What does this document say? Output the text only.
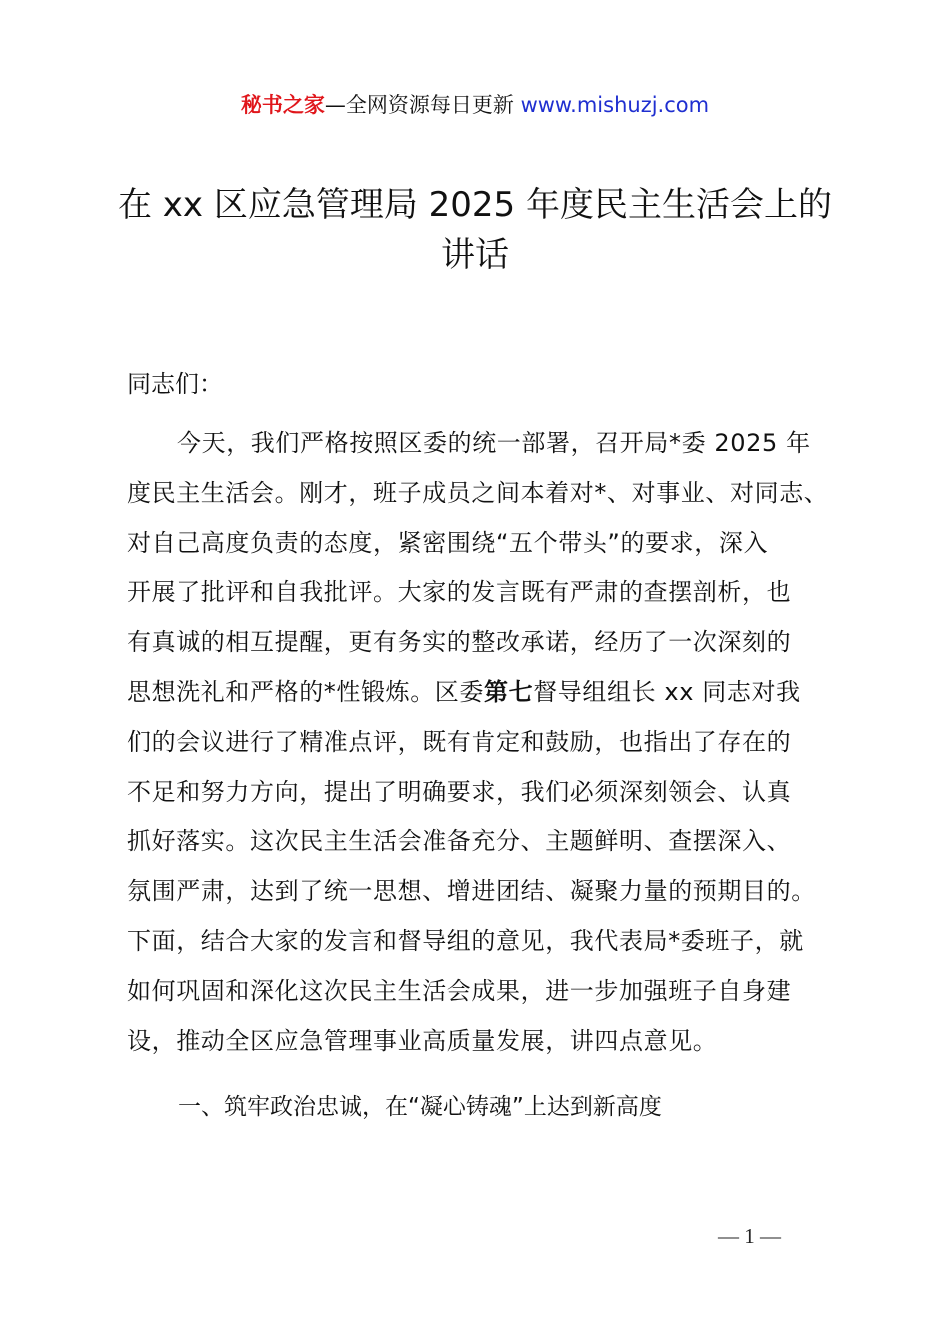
秘书之家—全网资源每日更新 www.mishuzj.com
在 xx 区应急管理局 2025 年度民主生活会上的
讲话
同志们：
今天，我们严格按照区委的统一部署，召开局*委 2025 年
度民主生活会。刚才，班子成员之间本着对*、对事业、对同志、
对自己高度负责的态度，紧密围绕“五个带头”的要求，深入
开展了批评和自我批评。大家的发言既有严肃的查摆剖析，也
有真诚的相互提醒，更有务实的整改承诺，经历了一次深刻的
思想洗礼和严格的*性锻炼。区委第七督导组组长 xx 同志对我
们的会议进行了精准点评，既有肯定和鼓励，也指出了存在的
不足和努力方向，提出了明确要求，我们必须深刻领会、认真
抓好落实。这次民主生活会准备充分、主题鲜明、查摆深入、
氛围严肃，达到了统一思想、增进团结、凝聚力量的预期目的。
下面，结合大家的发言和督导组的意见，我代表局*委班子，就
如何巩固和深化这次民主生活会成果，进一步加强班子自身建
设，推动全区应急管理事业高质量发展，讲四点意见。
一、筑牢政治忠诚，在“凝心铸魂”上达到新高度
— 1 —
